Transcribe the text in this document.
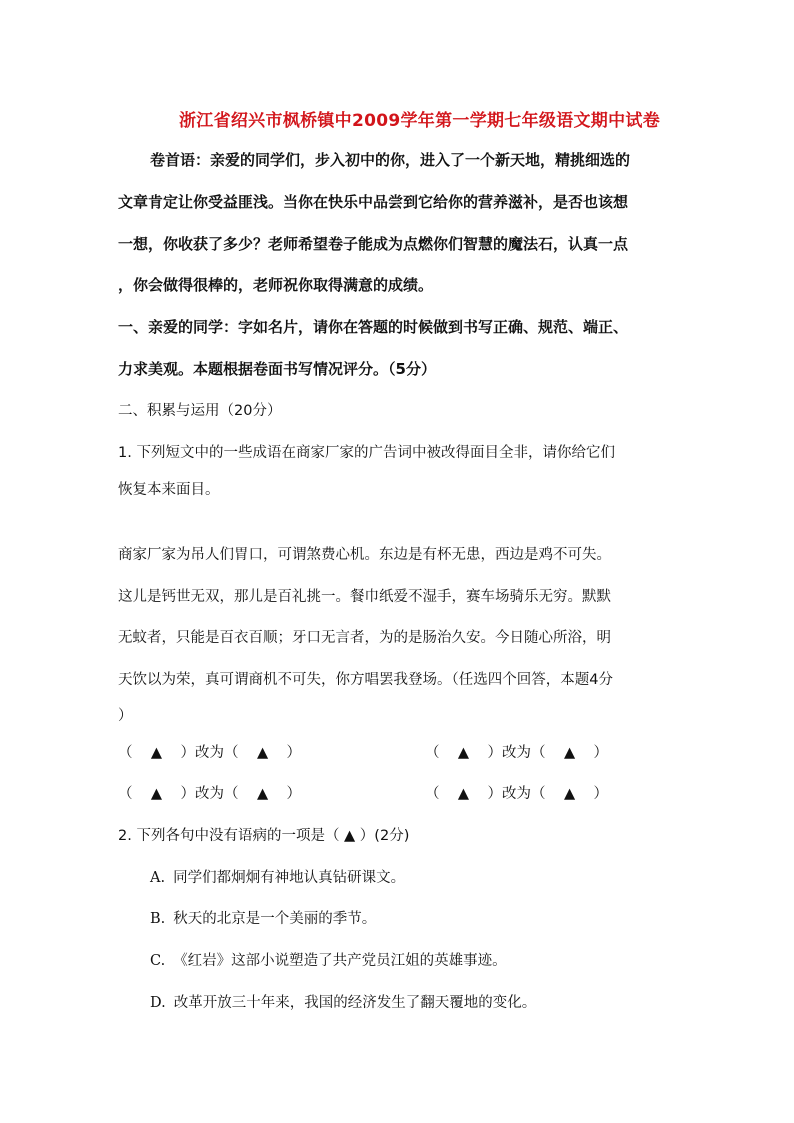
浙江省绍兴市枫桥镇中2009学年第一学期七年级语文期中试卷
卷首语：亲爱的同学们，步入初中的你，进入了一个新天地，精挑细选的
文章肯定让你受益匪浅。当你在快乐中品尝到它给你的营养滋补，是否也该想
一想，你收获了多少？老师希望卷子能成为点燃你们智慧的魔法石，认真一点
，你会做得很棒的，老师祝你取得满意的成绩。
一、亲爱的同学：字如名片，请你在答题的时候做到书写正确、规范、端正、
力求美观。本题根据卷面书写情况评分。（5分）
二、积累与运用（20分）
1. 下列短文中的一些成语在商家厂家的广告词中被改得面目全非，请你给它们
恢复本来面目。
商家厂家为吊人们胃口，可谓煞费心机。东边是有杯无患，西边是鸡不可失。
这儿是钙世无双，那儿是百礼挑一。餐巾纸爱不湿手，赛车场骑乐无穷。默默
无蚊者，只能是百衣百顺；牙口无言者，为的是肠治久安。今日随心所浴，明
天饮以为荣，真可谓商机不可失，你方唱罢我登场。（任选四个回答，本题4分
）
（    ▲    ）改为（    ▲    ）	（    ▲    ）改为（    ▲    ）
（    ▲    ）改为（    ▲    ）	（    ▲    ）改为（    ▲    ）
2. 下列各句中没有语病的一项是（ ▲ ）(2分)
A. 同学们都炯炯有神地认真钻研课文。
B. 秋天的北京是一个美丽的季节。
C. 《红岩》这部小说塑造了共产党员江姐的英雄事迹。
D. 改革开放三十年来，我国的经济发生了翻天覆地的变化。
